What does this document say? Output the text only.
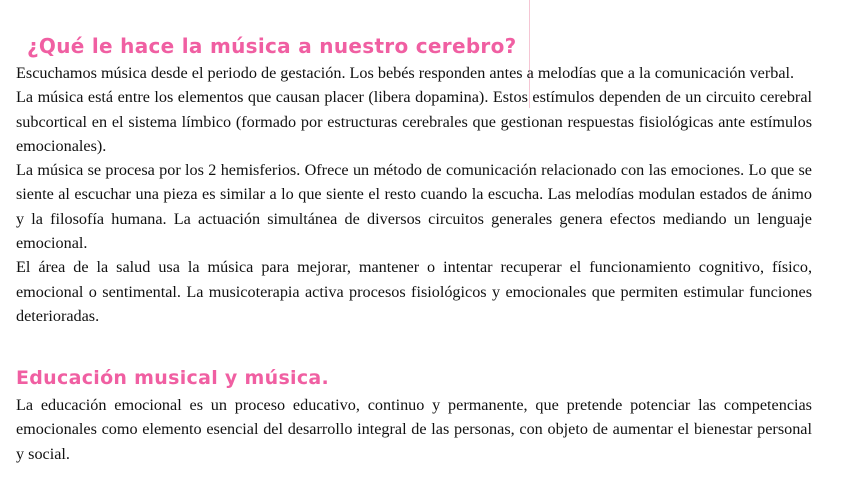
¿Qué le hace la música a nuestro cerebro?

Escuchamos música desde el periodo de gestación. Los bebés responden antes a melodías que a la comunicación verbal.

La música está entre los elementos que causan placer (libera dopamina). Estos estímulos dependen de un circuito cerebral subcortical en el sistema límbico (formado por estructuras cerebrales que gestionan respuestas fisiológicas ante estímulos emocionales).

La música se procesa por los 2 hemisferios. Ofrece un método de comunicación relacionado con las emociones. Lo que se siente al escuchar una pieza es similar a lo que siente el resto cuando la escucha. Las melodías modulan estados de ánimo y la filosofía humana. La actuación simultánea de diversos circuitos generales genera efectos mediando un lenguaje emocional.

El área de la salud usa la música para mejorar, mantener o intentar recuperar el funcionamiento cognitivo, físico, emocional o sentimental. La musicoterapia activa procesos fisiológicos y emocionales que permiten estimular funciones deterioradas.

Educación musical y música.

La educación emocional es un proceso educativo, continuo y permanente, que pretende potenciar las competencias emocionales como elemento esencial del desarrollo integral de las personas, con objeto de aumentar el bienestar personal y social.
